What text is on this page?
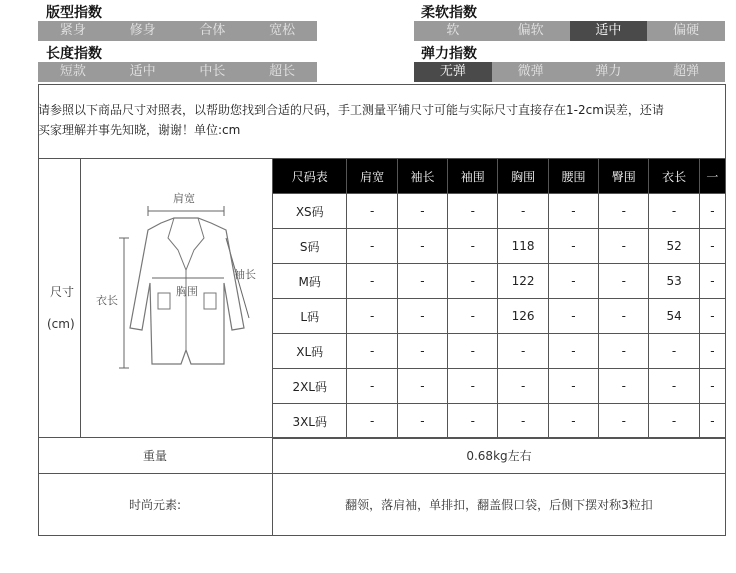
版型指数
紧身	修身	合体	宽松
柔软指数
软	偏软	适中	偏硬
长度指数
短款	适中	中长	超长
弹力指数
无弹	微弹	弹力	超弹
请参照以下商品尺寸对照表，以帮助您找到合适的尺码，手工测量平铺尺寸可能与实际尺寸直接存在1-2cm误差，还请
买家理解并事先知晓，谢谢！单位:cm
尺寸
(cm)
肩宽
衣长
袖长
胸围
尺码表	肩宽	袖长	袖围	胸围	腰围	臀围	衣长	一
XS码	-	-	-	-	-	-	-	-
S码	-	-	-	118	-	-	52	-
M码	-	-	-	122	-	-	53	-
L码	-	-	-	126	-	-	54	-
XL码	-	-	-	-	-	-	-	-
2XL码	-	-	-	-	-	-	-	-
3XL码	-	-	-	-	-	-	-	-
重量	0.68kg左右
时尚元素:	翻领，落肩袖，单排扣，翻盖假口袋，后侧下摆对称3粒扣
